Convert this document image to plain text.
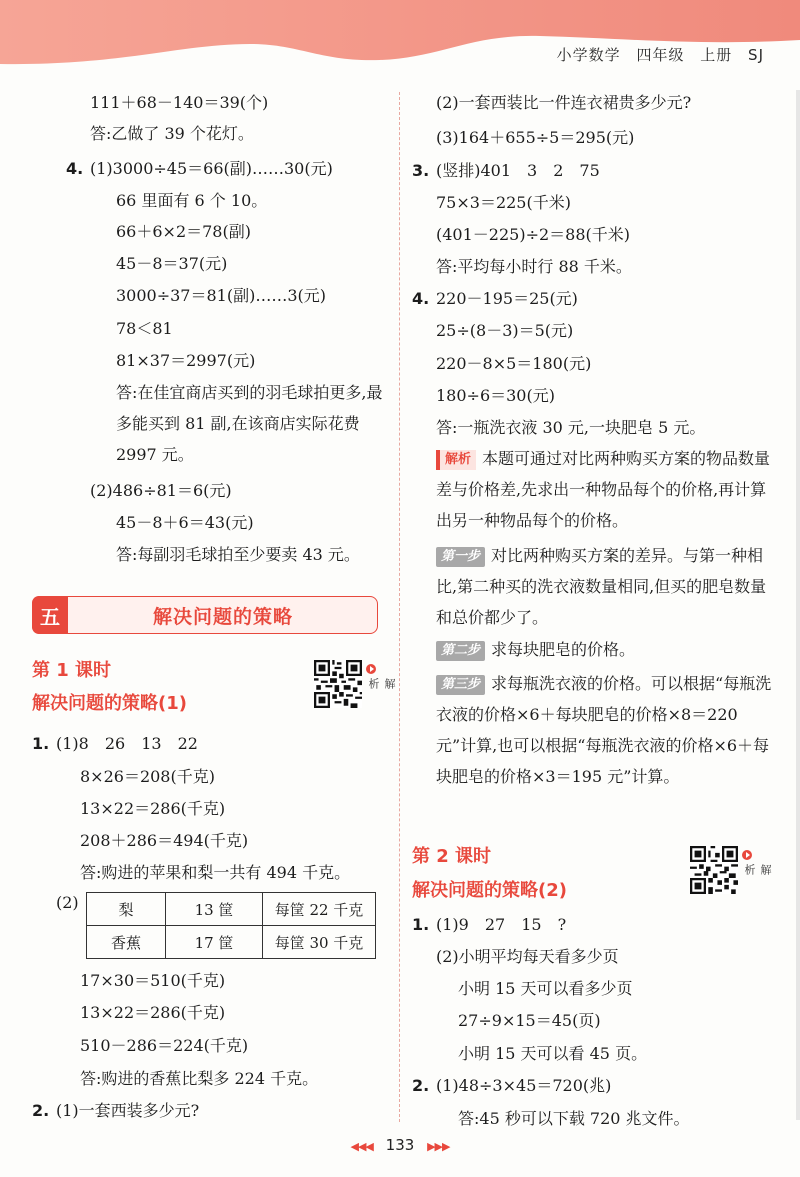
小学数学 四年级 上册 SJ
111＋68－140＝39(个)
答:乙做了 39 个花灯。
4. (1)3000÷45＝66(副)……30(元)
66 里面有 6 个 10。
66＋6×2＝78(副)
45－8＝37(元)
3000÷37＝81(副)……3(元)
78＜81
81×37＝2997(元)
答:在佳宜商店买到的羽毛球拍更多,最多能买到 81 副,在该商店实际花费 2997 元。
(2)486÷81＝6(元)
45－8＋6＝43(元)
答:每副羽毛球拍至少要卖 43 元。
五	解决问题的策略
第 1 课时
解决问题的策略(1)
解析
1. (1)8　26　13　22
8×26＝208(千克)
13×22＝286(千克)
208＋286＝494(千克)
答:购进的苹果和梨一共有 494 千克。
(2)	梨	13 筐	每筐 22 千克
香蕉	17 筐	每筐 30 千克
17×30＝510(千克)
13×22＝286(千克)
510－286＝224(千克)
答:购进的香蕉比梨多 224 千克。
2. (1)一套西装多少元?
(2)一套西装比一件连衣裙贵多少元?
(3)164＋655÷5＝295(元)
3. (竖排)401　3　2　75
75×3＝225(千米)
(401－225)÷2＝88(千米)
答:平均每小时行 88 千米。
4. 220－195＝25(元)
25÷(8－3)＝5(元)
220－8×5＝180(元)
180÷6＝30(元)
答:一瓶洗衣液 30 元,一块肥皂 5 元。
解析 本题可通过对比两种购买方案的物品数量差与价格差,先求出一种物品每个的价格,再计算出另一种物品每个的价格。
第一步 对比两种购买方案的差异。与第一种相比,第二种买的洗衣液数量相同,但买的肥皂数量和总价都少了。
第二步 求每块肥皂的价格。
第三步 求每瓶洗衣液的价格。可以根据“每瓶洗衣液的价格×6＋每块肥皂的价格×8＝220 元”计算,也可以根据“每瓶洗衣液的价格×6＋每块肥皂的价格×3＝195 元”计算。
第 2 课时
解决问题的策略(2)
解析
1. (1)9　27　15　?
(2)小明平均每天看多少页
小明 15 天可以看多少页
27÷9×15＝45(页)
小明 15 天可以看 45 页。
2. (1)48÷3×45＝720(兆)
答:45 秒可以下载 720 兆文件。
◀◀◀ 133 ▶▶▶
